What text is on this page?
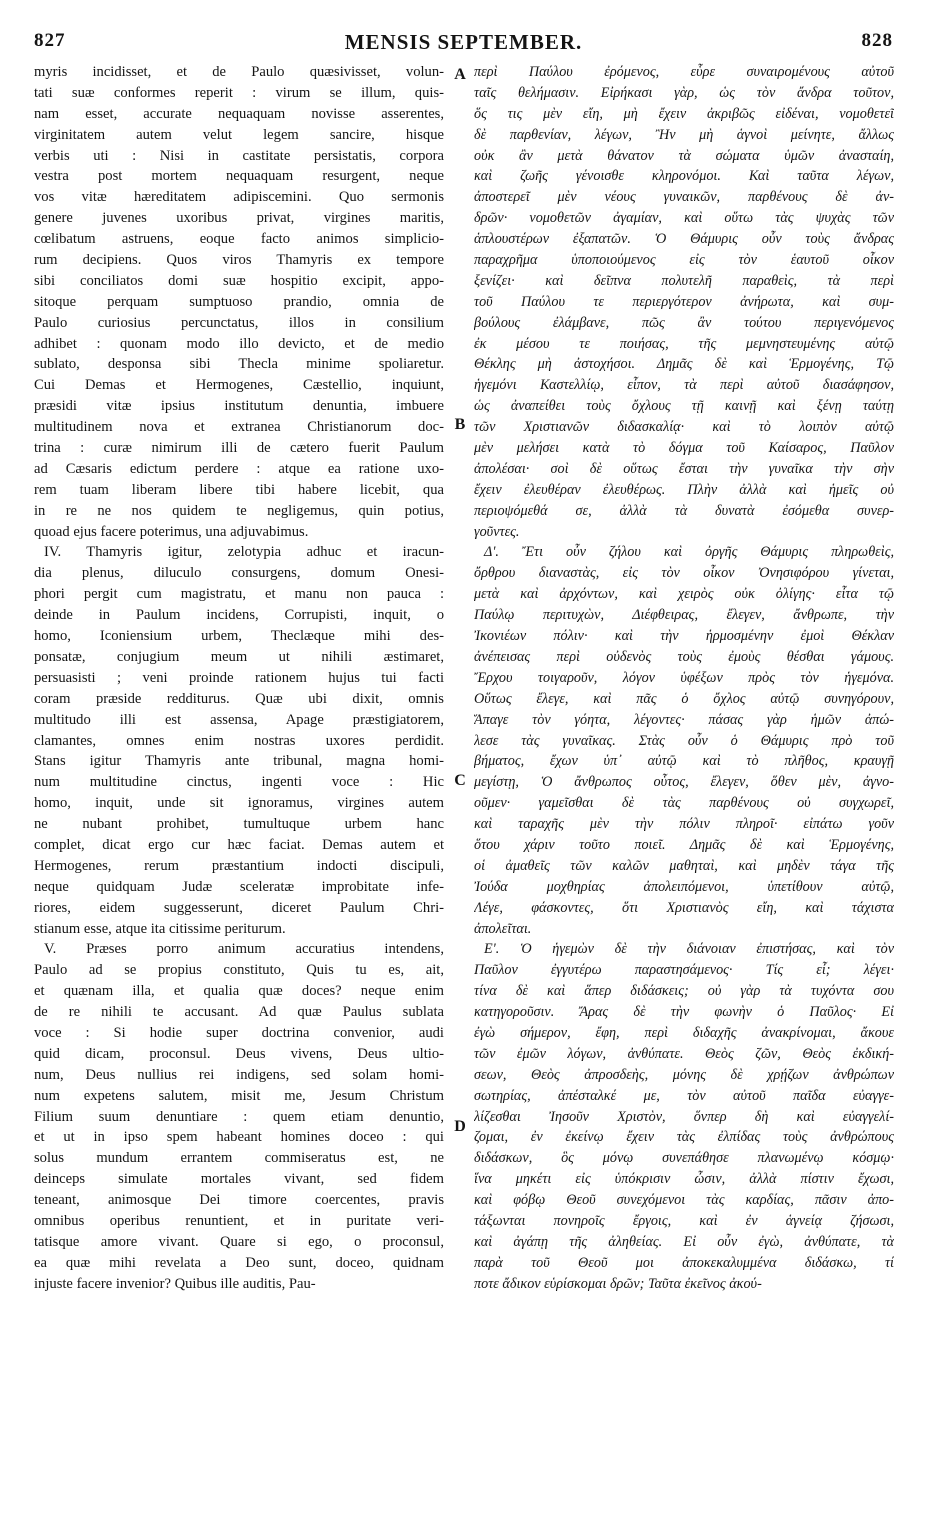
827	MENSIS SEPTEMBER.	828
myris incidisset, et de Paulo quæsivisset, volun-
tati suæ conformes reperit : virum se illum, quis-
nam esset, accurate nequaquam novisse asserentes,
virginitatem autem velut legem sancire, hisque
verbis uti : Nisi in castitate persistatis, corpora
vestra post mortem nequaquam resurgent, neque
vos vitæ hæreditatem adipiscemini. Quo sermonis
genere juvenes uxoribus privat, virgines maritis,
cœlibatum astruens, eoque facto animos simplicio-
rum decipiens. Quos viros Thamyris ex tempore
sibi conciliatos domi suæ hospitio excipit, appo-
sitoque perquam sumptuoso prandio, omnia de
Paulo curiosius percunctatus, illos in consilium
adhibet : quonam modo illo devicto, et de medio
sublato, desponsa sibi Thecla minime spoliaretur.
Cui Demas et Hermogenes, Cæstellio, inquiunt,
præsidi vitæ ipsius institutum denuntia, imbuere
multitudinem nova et extranea Christianorum doc-
trina : curæ nimirum illi de cætero fuerit Paulum
ad Cæsaris edictum perdere : atque ea ratione uxo-
rem tuam liberam libere tibi habere licebit, qua
in re ne nos quidem te negligemus, quin potius,
quoad ejus facere poterimus, una adjuvabimus.
IV. Thamyris igitur, zelotypia adhuc et iracun-
dia plenus, diluculo consurgens, domum Onesi-
phori pergit cum magistratu, et manu non pauca :
deinde in Paulum incidens, Corrupisti, inquit, o
homo, Iconiensium urbem, Theclæque mihi des-
ponsatæ, conjugium meum ut nihili æstimaret,
persuasisti ; veni proinde rationem hujus tui facti
coram præside redditurus. Quæ ubi dixit, omnis
multitudo illi est assensa, Apage præstigiatorem,
clamantes, omnes enim nostras uxores perdidit.
Stans igitur Thamyris ante tribunal, magna homi-
num multitudine cinctus, ingenti voce : Hic
homo, inquit, unde sit ignoramus, virgines autem
ne nubant prohibet, tumultuque urbem hanc
complet, dicat ergo cur hæc faciat. Demas autem et
Hermogenes, rerum præstantium indocti discipuli,
neque quidquam Judæ sceleratæ improbitate infe-
riores, eidem suggesserunt, diceret Paulum Chri-
stianum esse, atque ita citissime periturum.
V. Præses porro animum accuratius intendens,
Paulo ad se propius constituto, Quis tu es, ait,
et quænam illa, et qualia quæ doces? neque enim
de re nihili te accusant. Ad quæ Paulus sublata
voce : Si hodie super doctrina convenior, audi
quid dicam, proconsul. Deus vivens, Deus ultio-
num, Deus nullius rei indigens, sed solam homi-
num expetens salutem, misit me, Jesum Christum
Filium suum denuntiare : quem etiam denuntio,
et ut in ipso spem habeant homines doceo : qui
solus mundum errantem commiseratus est, ne
deinceps simulate mortales vivant, sed fidem
teneant, animosque Dei timore coercentes, pravis
omnibus operibus renuntient, et in puritate veri-
tatisque amore vivant. Quare si ego, o proconsul,
ea quæ mihi revelata a Deo sunt, doceo, quidnam
injuste facere invenior? Quibus ille auditis, Pau-
περὶ Παύλου ἐρόμενος, εὗρε συναιρομένους αὐτοῦ
ταῖς θελήμασιν. Εἰρήκασι γὰρ, ὡς τὸν ἄνδρα τοῦτον,
ὅς τις μὲν εἴη, μὴ ἔχειν ἀκριβῶς εἰδέναι, νομοθετεῖ
δὲ παρθενίαν, λέγων, Ἢν μὴ ἁγνοὶ μείνητε, ἄλλως
οὐκ ἂν μετὰ θάνατον τὰ σώματα ὑμῶν ἀνασταίη,
καὶ ζωῆς γένοισθε κληρονόμοι. Καὶ ταῦτα λέγων,
ἀποστερεῖ μὲν νέους γυναικῶν, παρθένους δὲ ἀν-
δρῶν· νομοθετῶν ἀγαμίαν, καὶ οὕτω τὰς ψυχὰς τῶν
ἁπλουστέρων ἐξαπατῶν. Ὁ Θάμυρις οὖν τοὺς ἄνδρας
παραχρῆμα ὑποποιούμενος εἰς τὸν ἑαυτοῦ οἶκον
ξενίζει· καὶ δεῖπνα πολυτελῆ παραθεὶς, τὰ περὶ
τοῦ Παύλου τε περιεργότερον ἀνήρωτα, καὶ συμ-
βούλους ἐλάμβανε, πῶς ἂν τούτου περιγενόμενος
ἐκ μέσου τε ποιήσας, τῆς μεμνηστευμένης αὐτῷ
Θέκλης μὴ ἀστοχήσοι. Δημᾶς δὲ καὶ Ἑρμογένης, Τῷ
ἡγεμόνι Καστελλίῳ, εἶπον, τὰ περὶ αὐτοῦ διασάφησον,
ὡς ἀναπείθει τοὺς ὄχλους τῇ καινῇ καὶ ξένῃ ταύτῃ
τῶν Χριστιανῶν διδασκαλίᾳ· καὶ τὸ λοιπὸν αὐτῷ
μὲν μελήσει κατὰ τὸ δόγμα τοῦ Καίσαρος, Παῦλον
ἀπολέσαι· σοὶ δὲ οὕτως ἔσται τὴν γυναῖκα τὴν σὴν
ἔχειν ἐλευθέραν ἐλευθέρως. Πλὴν ἀλλὰ καὶ ἡμεῖς οὐ
περιοψόμεθά σε, ἀλλὰ τὰ δυνατὰ ἐσόμεθα συνερ-
γοῦντες.
Δʹ. Ἔτι οὖν ζήλου καὶ ὀργῆς Θάμυρις πληρωθεὶς,
ὄρθρου διαναστὰς, εἰς τὸν οἶκον Ὀνησιφόρου γίνεται,
μετὰ καὶ ἀρχόντων, καὶ χειρὸς οὐκ ὀλίγης· εἶτα τῷ
Παύλῳ περιτυχὼν, Διέφθειρας, ἔλεγεν, ἄνθρωπε, τὴν
Ἰκονιέων πόλιν· καὶ τὴν ἡρμοσμένην ἐμοὶ Θέκλαν
ἀνέπεισας περὶ οὐδενὸς τοὺς ἐμοὺς θέσθαι γάμους.
Ἔρχου τοιγαροῦν, λόγον ὑφέξων πρὸς τὸν ἡγεμόνα.
Οὕτως ἔλεγε, καὶ πᾶς ὁ ὄχλος αὐτῷ συνηγόρουν,
Ἄπαγε τὸν γόητα, λέγοντες· πάσας γὰρ ἡμῶν ἀπώ-
λεσε τὰς γυναῖκας. Στὰς οὖν ὁ Θάμυρις πρὸ τοῦ
βήματος, ἔχων ὑπ᾽ αὐτῷ καὶ τὸ πλῆθος, κραυγῇ
μεγίστῃ, Ὁ ἄνθρωπος οὗτος, ἔλεγεν, ὅθεν μὲν, ἀγνο-
οῦμεν· γαμεῖσθαι δὲ τὰς παρθένους οὐ συγχωρεῖ,
καὶ ταραχῆς μὲν τὴν πόλιν πληροῖ· εἰπάτω γοῦν
ὅτου χάριν τοῦτο ποιεῖ. Δημᾶς δὲ καὶ Ἑρμογένης,
οἱ ἀμαθεῖς τῶν καλῶν μαθηταὶ, καὶ μηδὲν τάγα τῆς
Ἰούδα μοχθηρίας ἀπολειπόμενοι, ὑπετίθουν αὐτῷ,
Λέγε, φάσκοντες, ὅτι Χριστιανὸς εἴη, καὶ τάχιστα
ἀπολεῖται.
Εʹ. Ὁ ἡγεμὼν δὲ τὴν διάνοιαν ἐπιστήσας, καὶ τὸν
Παῦλον ἐγγυτέρω παραστησάμενος· Τίς εἶ; λέγει·
τίνα δὲ καὶ ἅπερ διδάσκεις; οὐ γὰρ τὰ τυχόντα σου
κατηγοροῦσιν. Ἄρας δὲ τὴν φωνὴν ὁ Παῦλος· Εἰ
ἐγὼ σήμερον, ἔφη, περὶ διδαχῆς ἀνακρίνομαι, ἄκουε
τῶν ἐμῶν λόγων, ἀνθύπατε. Θεὸς ζῶν, Θεὸς ἐκδική-
σεων, Θεὸς ἀπροσδεὴς, μόνης δὲ χρῄζων ἀνθρώπων
σωτηρίας, ἀπέσταλκέ με, τὸν αὐτοῦ παῖδα εὐαγγε-
λίζεσθαι Ἰησοῦν Χριστὸν, ὅνπερ δὴ καὶ εὐαγγελί-
ζομαι, ἐν ἐκείνῳ ἔχειν τὰς ἐλπίδας τοὺς ἀνθρώπους
διδάσκων, ὃς μόνῳ συνεπάθησε πλανωμένῳ κόσμῳ·
ἵνα μηκέτι εἰς ὑπόκρισιν ὦσιν, ἀλλὰ πίστιν ἔχωσι,
καὶ φόβῳ Θεοῦ συνεχόμενοι τὰς καρδίας, πᾶσιν ἀπο-
τάξωνται πονηροῖς ἔργοις, καὶ ἐν ἁγνείᾳ ζήσωσι,
καὶ ἀγάπῃ τῆς ἀληθείας. Εἰ οὖν ἐγὼ, ἀνθύπατε, τὰ
παρὰ τοῦ Θεοῦ μοι ἀποκεκαλυμμένα διδάσκω, τί
ποτε ἄδικον εὑρίσκομαι δρῶν; Ταῦτα ἐκεῖνος ἀκού-
A
B
C
D
